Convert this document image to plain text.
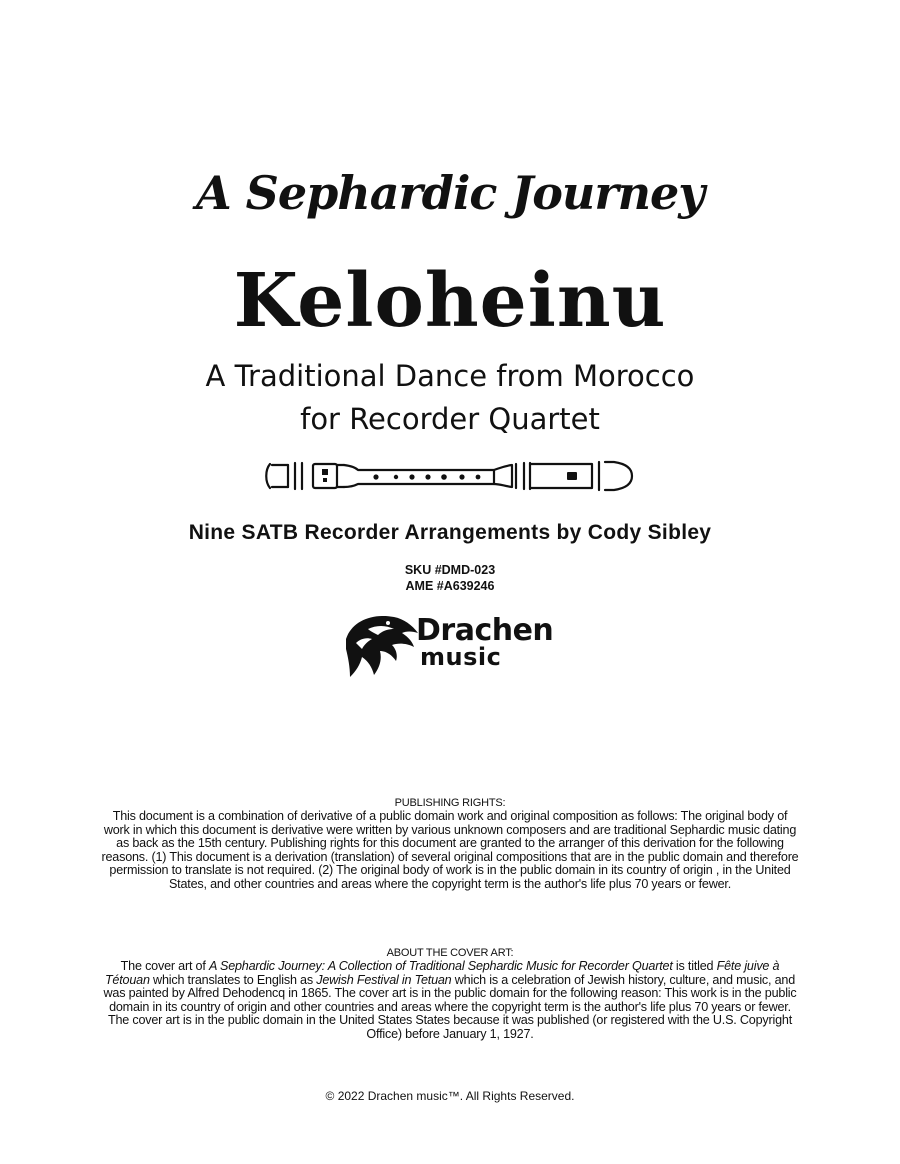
A Sephardic Journey
Keloheinu
A Traditional Dance from Morocco
for Recorder Quartet
Nine SATB Recorder Arrangements by Cody Sibley
SKU #DMD-023
AME #A639246
Drachen
music
PUBLISHING RIGHTS:
This document is a combination of derivative of a public domain work and original composition as follows: The original body of work in which this document is derivative were written by various unknown composers and are traditional Sephardic music dating as back as the 15th century. Publishing rights for this document are granted to the arranger of this derivation for the following reasons. (1) This document is a derivation (translation) of several original compositions that are in the public domain and therefore permission to translate is not required. (2) The original body of work is in the public domain in its country of origin , in the United States, and other countries and areas where the copyright term is the author's life plus 70 years or fewer.
ABOUT THE COVER ART:
The cover art of A Sephardic Journey: A Collection of Traditional Sephardic Music for Recorder Quartet is titled Fête juive à Tétouan which translates to English as Jewish Festival in Tetuan which is a celebration of Jewish history, culture, and music, and was painted by Alfred Dehodencq in 1865. The cover art is in the public domain for the following reason: This work is in the public domain in its country of origin and other countries and areas where the copyright term is the author's life plus 70 years or fewer. The cover art is in the public domain in the United States States because it was published (or registered with the U.S. Copyright Office) before January 1, 1927.
© 2022 Drachen music™. All Rights Reserved.
